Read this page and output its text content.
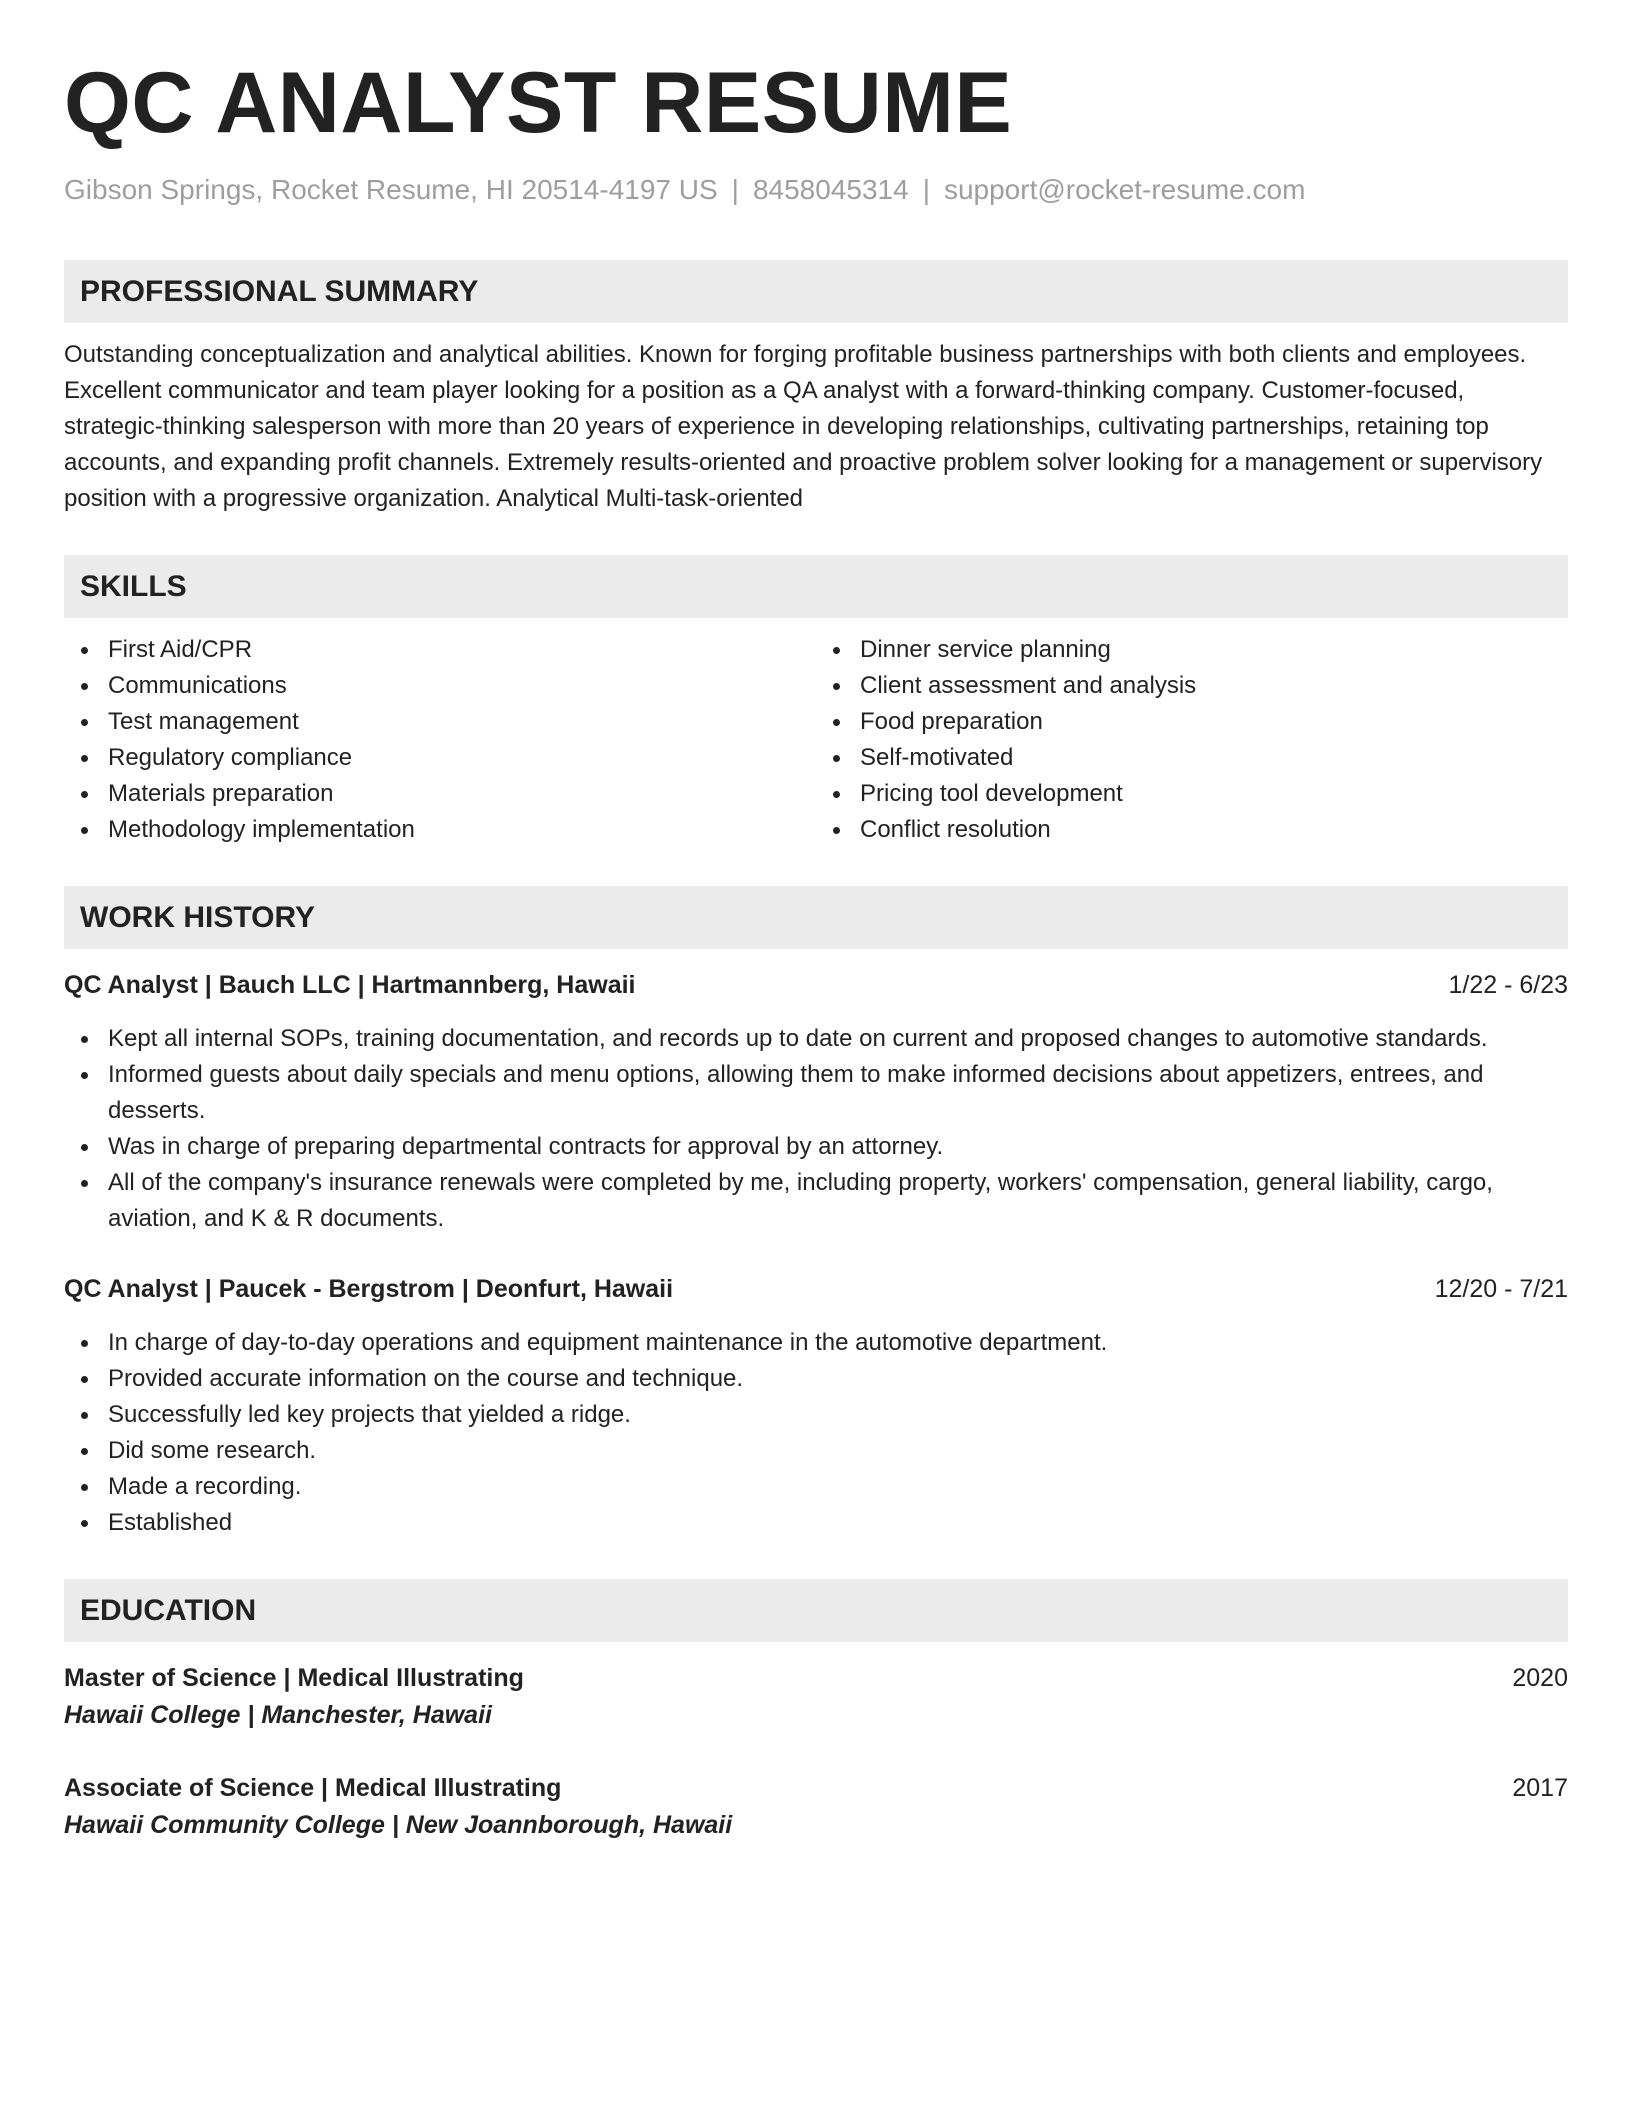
QC ANALYST RESUME
Gibson Springs, Rocket Resume, HI 20514-4197 US | 8458045314 | support@rocket-resume.com
PROFESSIONAL SUMMARY
Outstanding conceptualization and analytical abilities. Known for forging profitable business partnerships with both clients and employees. Excellent communicator and team player looking for a position as a QA analyst with a forward-thinking company. Customer-focused, strategic-thinking salesperson with more than 20 years of experience in developing relationships, cultivating partnerships, retaining top accounts, and expanding profit channels. Extremely results-oriented and proactive problem solver looking for a management or supervisory position with a progressive organization. Analytical Multi-task-oriented
SKILLS
First Aid/CPR
Communications
Test management
Regulatory compliance
Materials preparation
Methodology implementation
Dinner service planning
Client assessment and analysis
Food preparation
Self-motivated
Pricing tool development
Conflict resolution
WORK HISTORY
QC Analyst | Bauch LLC | Hartmannberg, Hawaii	1/22 - 6/23
Kept all internal SOPs, training documentation, and records up to date on current and proposed changes to automotive standards.
Informed guests about daily specials and menu options, allowing them to make informed decisions about appetizers, entrees, and desserts.
Was in charge of preparing departmental contracts for approval by an attorney.
All of the company's insurance renewals were completed by me, including property, workers' compensation, general liability, cargo, aviation, and K & R documents.
QC Analyst | Paucek - Bergstrom | Deonfurt, Hawaii	12/20 - 7/21
In charge of day-to-day operations and equipment maintenance in the automotive department.
Provided accurate information on the course and technique.
Successfully led key projects that yielded a ridge.
Did some research.
Made a recording.
Established
EDUCATION
Master of Science | Medical Illustrating	2020
Hawaii College | Manchester, Hawaii
Associate of Science | Medical Illustrating	2017
Hawaii Community College | New Joannborough, Hawaii
